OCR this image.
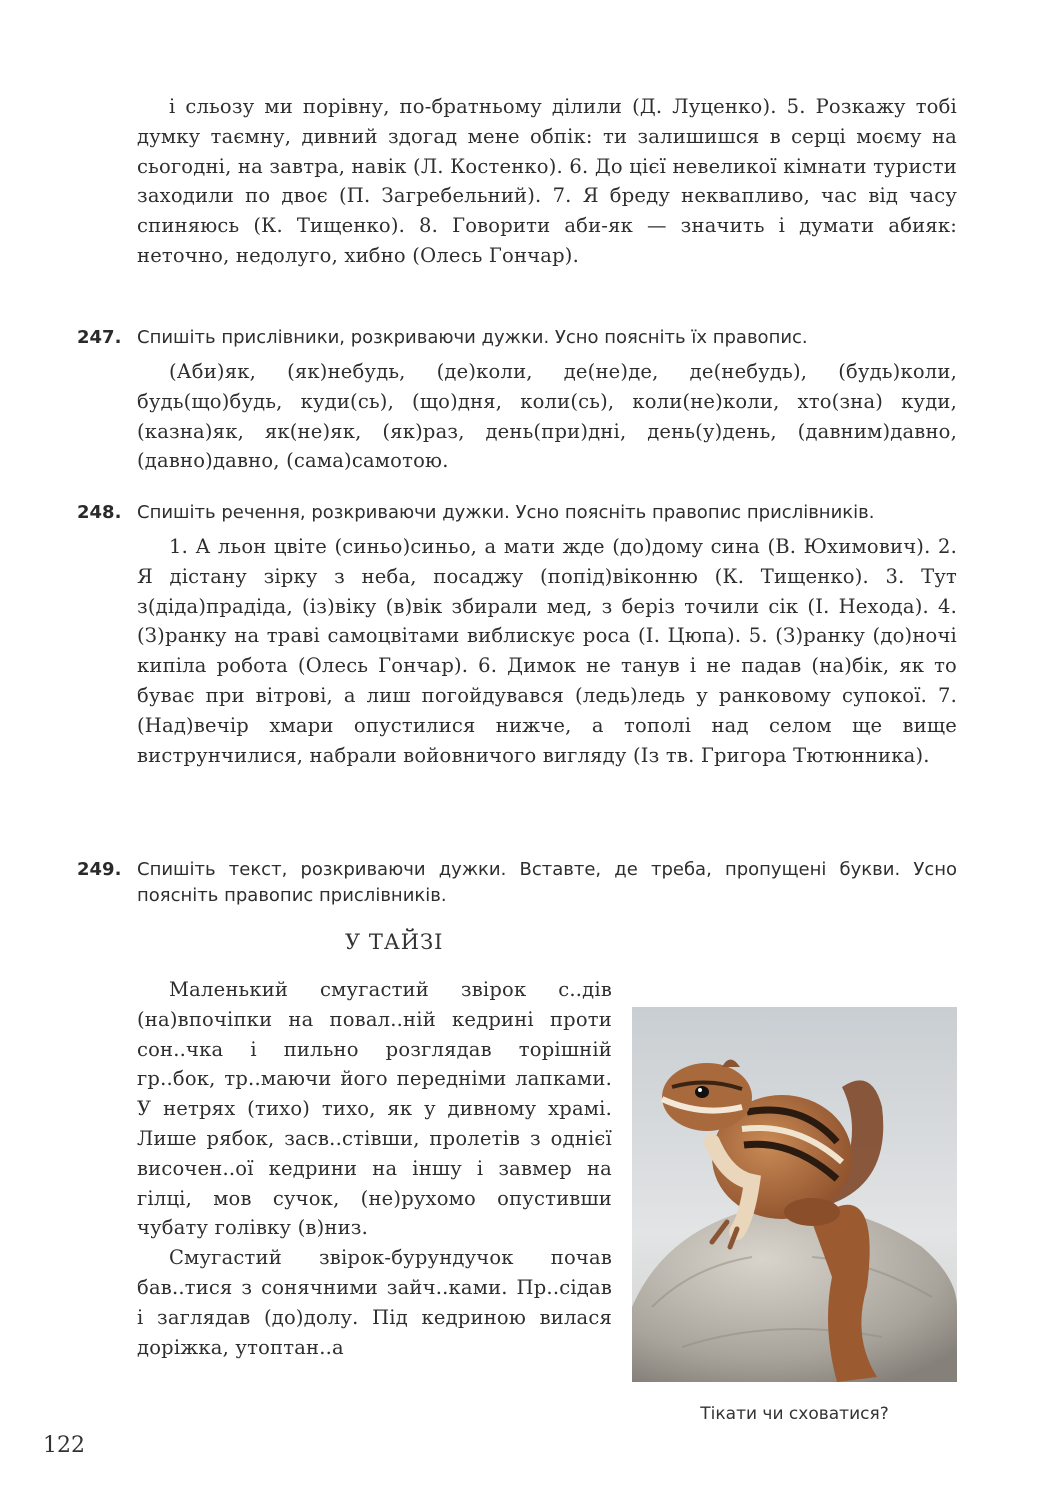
і сльозу ми порівну, по-братньому ділили (Д. Луценко). 5. Розкажу тобі думку таємну, дивний здогад мене обпік: ти залишишся в серці моєму на сьогодні, на завтра, навік (Л. Костенко). 6. До цієї невеликої кімнати туристи заходили по двоє (П. Загребельний). 7. Я бреду неквапливо, час від часу спиняюсь (К. Тищенко). 8. Говорити аби-як — значить і думати абияк: неточно, недолуго, хибно (Олесь Гончар).

247. Спишіть прислівники, розкриваючи дужки. Усно поясніть їх правопис.

(Аби)як, (як)небудь, (де)коли, де(не)де, де(небудь), (будь)коли, будь(що)будь, куди(сь), (що)дня, коли(сь), коли(не)коли, хто(зна) куди, (казна)як, як(не)як, (як)раз, день(при)дні, день(у)день, (давним)давно, (давно)давно, (сама)самотою.

248. Спишіть речення, розкриваючи дужки. Усно поясніть правопис прислівників.

1. А льон цвіте (синьо)синьо, а мати жде (до)дому сина (В. Юхимович). 2. Я дістану зірку з неба, посаджу (попід)віконню (К. Тищенко). 3. Тут з(діда)прадіда, (із)віку (в)вік збирали мед, з беріз точили сік (І. Нехода). 4. (З)ранку на траві самоцвітами виблискує роса (І. Цюпа). 5. (З)ранку (до)ночі кипіла робота (Олесь Гончар). 6. Димок не танув і не падав (на)бік, як то буває при вітрові, а лиш погойдувався (ледь)ледь у ранковому супокої. 7. (Над)вечір хмари опустилися нижче, а тополі над селом ще вище виструнчилися, набрали войовничого вигляду (Із тв. Григора Тютюнника).

249. Спишіть текст, розкриваючи дужки. Вставте, де треба, пропущені букви. Усно поясніть правопис прислівників.
У ТАЙЗІ

Маленький смугастий звірок с..дів (на)впочіпки на повал..ній кедрині проти сон..чка і пильно розглядав торішній гр..бок, тр..маючи його передніми лапками. У нетрях (тихо) тихо, як у дивному храмі. Лише рябок, засв..стівши, пролетів з однієї височен..ої кедрини на іншу і завмер на гілці, мов сучок, (не)рухомо опустивши чубату голівку (в)низ.

Смугастий звірок-бурундучок почав бав..тися з сонячними зайч..ками. Пр..сідав і заглядав (до)долу. Під кедриною вилася доріжка, утоптан..а

Тікати чи сховатися?
122
